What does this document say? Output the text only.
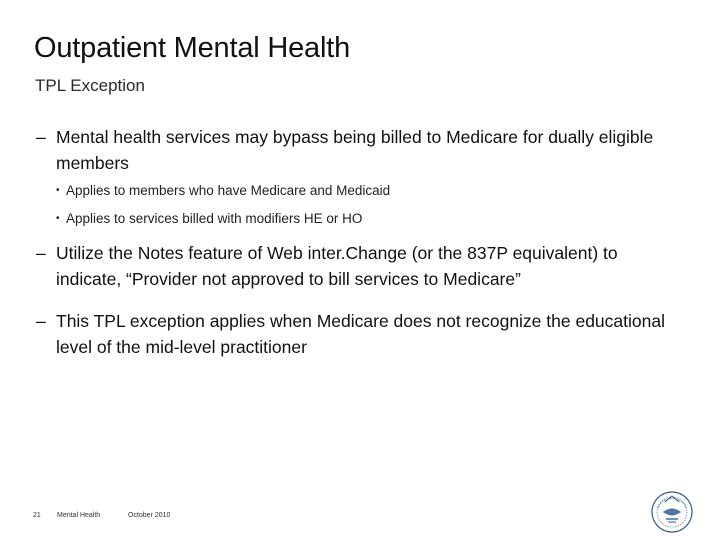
Outpatient Mental Health
TPL Exception
– Mental health services may bypass being billed to Medicare for dually eligible members
• Applies to members who have Medicare and Medicaid
• Applies to services billed with modifiers HE or HO
– Utilize the Notes feature of Web inter.Change (or the 837P equivalent) to indicate, “Provider not approved to bill services to Medicare”
– This TPL exception applies when Medicare does not recognize the educational level of the mid-level practitioner
21 Mental Health	October 2010
